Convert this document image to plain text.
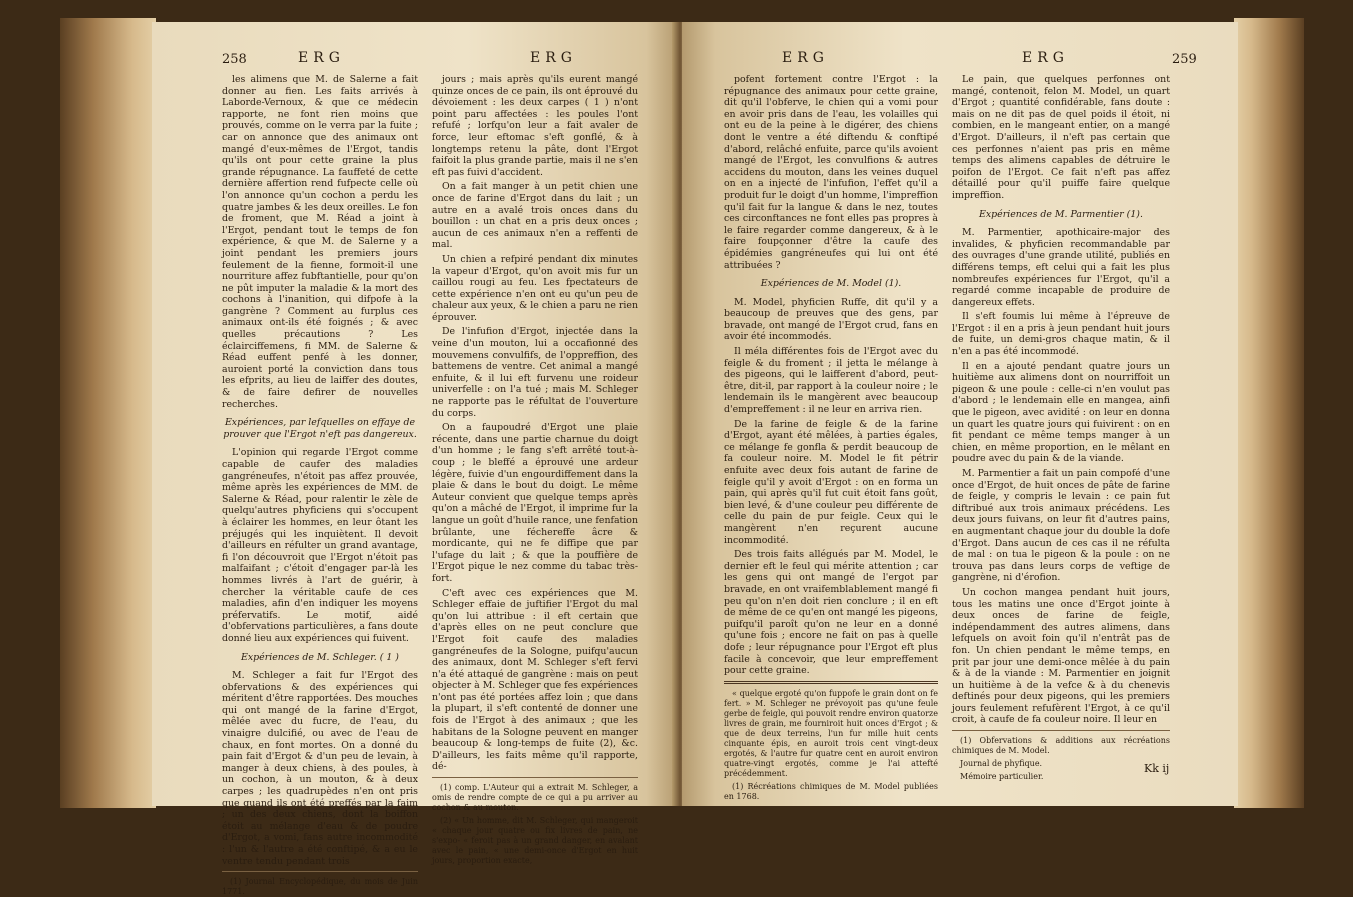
258	ERG	ERG

les alimens que M. de Salerne a fait donner au fien. Les faits arrivés à Laborde-Vernoux, & que ce médecin rapporte, ne font rien moins que prouvés, comme on le verra par la fuite ; car on annonce que des animaux ont mangé d'eux-mêmes de l'Ergot, tandis qu'ils ont pour cette graine la plus grande répugnance. La fauffeté de cette dernière affertion rend fufpecte celle où l'on annonce qu'un cochon a perdu les quatre jambes & les deux oreilles. Le fon de froment, que M. Réad a joint à l'Ergot, pendant tout le temps de fon expérience, & que M. de Salerne y a joint pendant les premiers jours feulement de la fienne, formoit-il une nourriture affez fubftantielle, pour qu'on ne pût imputer la maladie & la mort des cochons à l'inanition, qui difpofe à la gangrène ? Comment au furplus ces animaux ont-ils été foignés ; & avec quelles précautions ? Les éclairciffemens, fi MM. de Salerne & Réad euffent penfé à les donner, auroient porté la conviction dans tous les efprits, au lieu de laiffer des doutes, & de faire defirer de nouvelles recherches.

Expériences, par lefquelles on effaye de prouver que l'Ergot n'eft pas dangereux.

L'opinion qui regarde l'Ergot comme capable de caufer des maladies gangréneufes, n'étoit pas affez prouvée, même après les expériences de MM. de Salerne & Réad, pour ralentir le zèle de quelqu'autres phyficiens qui s'occupent à éclairer les hommes, en leur ôtant les préjugés qui les inquiètent. Il devoit d'ailleurs en réfulter un grand avantage, fi l'on découvroit que l'Ergot n'étoit pas malfaifant ; c'étoit d'engager par-là les hommes livrés à l'art de guérir, à chercher la véritable caufe de ces maladies, afin d'en indiquer les moyens préfervatifs. Le motif, aidé d'obfervations particulières, a fans doute donné lieu aux expériences qui fuivent.

Expériences de M. Schleger. ( 1 )

M. Schleger a fait fur l'Ergot des obfervations & des expériences qui méritent d'être rapportées. Des mouches qui ont mangé de la farine d'Ergot, mêlée avec du fucre, de l'eau, du vinaigre dulcifié, ou avec de l'eau de chaux, en font mortes. On a donné du pain fait d'Ergot & d'un peu de levain, à manger à deux chiens, à des poules, à un cochon, à un mouton, & à deux carpes ; les quadrupèdes n'en ont pris que quand ils ont été preffés par la faim ; un des deux chiens, dont la boiffon étoit au mélange d'eau & de poudre d'Ergot, a vomi, fans autre incommodité : l'un & l'autre a été conftipé, & a eu le ventre tendu pendant trois

(1) Journal Encyclopédique, du mois de Juin 1771.

jours ; mais après qu'ils eurent mangé quinze onces de ce pain, ils ont éprouvé du dévoiement : les deux carpes ( 1 ) n'ont point paru affectées : les poules l'ont refufé ; lorfqu'on leur a fait avaler de force, leur eftomac s'eft gonflé, & à longtemps retenu la pâte, dont l'Ergot faifoit la plus grande partie, mais il ne s'en eft pas fuivi d'accident.

On a fait manger à un petit chien une once de farine d'Ergot dans du lait ; un autre en a avalé trois onces dans du bouillon : un chat en a pris deux onces ; aucun de ces animaux n'en a reffenti de mal.

Un chien a refpiré pendant dix minutes la vapeur d'Ergot, qu'on avoit mis fur un caillou rougi au feu. Les fpectateurs de cette expérience n'en ont eu qu'un peu de chaleur aux yeux, & le chien a paru ne rien éprouver.

De l'infufion d'Ergot, injectée dans la veine d'un mouton, lui a occafionné des mouvemens convulfifs, de l'oppreffion, des battemens de ventre. Cet animal a mangé enfuite, & il lui eft furvenu une roideur univerfelle : on l'a tué ; mais M. Schleger ne rapporte pas le réfultat de l'ouverture du corps.

On a faupoudré d'Ergot une plaie récente, dans une partie charnue du doigt d'un homme ; le fang s'eft arrêté tout-à-coup ; le bleffé a éprouvé une ardeur légère, fuivie d'un engourdiffement dans la plaie & dans le bout du doigt. Le même Auteur convient que quelque temps après qu'on a mâché de l'Ergot, il imprime fur la langue un goût d'huile rance, une fenfation brûlante, une féchereffe âcre & mordicante, qui ne fe diffipe que par l'ufage du lait ; & que la pouffière de l'Ergot pique le nez comme du tabac très-fort.

C'eft avec ces expériences que M. Schleger effaie de juftifier l'Ergot du mal qu'on lui attribue : il eft certain que d'après elles on ne peut conclure que l'Ergot foit caufe des maladies gangréneufes de la Sologne, puifqu'aucun des animaux, dont M. Schleger s'eft fervi n'a été attaqué de gangrène : mais on peut objecter à M. Schleger que fes expériences n'ont pas été portées affez loin ; que dans la plupart, il s'eft contenté de donner une fois de l'Ergot à des animaux ; que les habitans de la Sologne peuvent en manger beaucoup & long-temps de fuite (2), &c. D'ailleurs, les faits même qu'il rapporte, dé-

(1) comp. L'Auteur qui a extrait M. Schleger, a omis de rendre compte de ce qui a pu arriver au cochon & au mouton.

(2) « Un homme, dit M. Schleger, qui mangeroit « chaque jour quatre ou fix livres de pain, ne s'expo- « feroit pas à un grand danger, en avalant avec le pain, « une demi-once d'Ergot en huit jours, proportion exacte,

ERG	ERG	259

pofent fortement contre l'Ergot : la répugnance des animaux pour cette graine, dit qu'il l'obferve, le chien qui a vomi pour en avoir pris dans de l'eau, les volailles qui ont eu de la peine à le digérer, des chiens dont le ventre a été diftendu & conftipé d'abord, relâché enfuite, parce qu'ils avoient mangé de l'Ergot, les convulfions & autres accidens du mouton, dans les veines duquel on en a injecté de l'infufion, l'effet qu'il a produit fur le doigt d'un homme, l'impreffion qu'il fait fur la langue & dans le nez, toutes ces circonftances ne font elles pas propres à le faire regarder comme dangereux, & à le faire foupçonner d'être la caufe des épidémies gangréneufes qui lui ont été attribuées ?

Expériences de M. Model (1).

M. Model, phyficien Ruffe, dit qu'il y a beaucoup de preuves que des gens, par bravade, ont mangé de l'Ergot crud, fans en avoir été incommodés.

Il méla différentes fois de l'Ergot avec du feigle & du froment ; il jetta le mélange à des pigeons, qui le laifferent d'abord, peut-être, dit-il, par rapport à la couleur noire ; le lendemain ils le mangèrent avec beaucoup d'empreffement : il ne leur en arriva rien.

De la farine de feigle & de la farine d'Ergot, ayant été mêlées, à parties égales, ce mélange fe gonfla & perdit beaucoup de fa couleur noire. M. Model le fit pétrir enfuite avec deux fois autant de farine de feigle qu'il y avoit d'Ergot : on en forma un pain, qui après qu'il fut cuit étoit fans goût, bien levé, & d'une couleur peu différente de celle du pain de pur feigle. Ceux qui le mangèrent n'en reçurent aucune incommodité.

Des trois faits allégués par M. Model, le dernier eft le feul qui mérite attention ; car les gens qui ont mangé de l'ergot par bravade, en ont vraifemblablement mangé fi peu qu'on n'en doit rien conclure ; il en eft de même de ce qu'en ont mangé les pigeons, puifqu'il paroît qu'on ne leur en a donné qu'une fois ; encore ne fait on pas à quelle dofe ; leur répugnance pour l'Ergot eft plus facile à concevoir, que leur empreffement pour cette graine.

« quelque ergoté qu'on fuppofe le grain dont on fe fert. » M. Schleger ne prévoyoit pas qu'une feule gerbe de feigle, qui pouvoit rendre environ quatorze livres de grain, me fourniroit huit onces d'Ergot ; & que de deux terreins, l'un fur mille huit cents cinquante épis, en auroit trois cent vingt-deux ergotés, & l'autre fur quatre cent en auroit environ quatre-vingt ergotés, comme je l'ai attefté précédemment.

(1) Récréations chimiques de M. Model publiées en 1768.

Le pain, que quelques perfonnes ont mangé, contenoit, felon M. Model, un quart d'Ergot ; quantité confidérable, fans doute : mais on ne dit pas de quel poids il étoit, ni combien, en le mangeant entier, on a mangé d'Ergot. D'ailleurs, il n'eft pas certain que ces perfonnes n'aient pas pris en même temps des alimens capables de détruire le poifon de l'Ergot. Ce fait n'eft pas affez détaillé pour qu'il puiffe faire quelque impreffion.

Expériences de M. Parmentier (1).

M. Parmentier, apothicaire-major des invalides, & phyficien recommandable par des ouvrages d'une grande utilité, publiés en différens temps, eft celui qui a fait les plus nombreufes expériences fur l'Ergot, qu'il a regardé comme incapable de produire de dangereux effets.

Il s'eft foumis lui même à l'épreuve de l'Ergot : il en a pris à jeun pendant huit jours de fuite, un demi-gros chaque matin, & il n'en a pas été incommodé.

Il en a ajouté pendant quatre jours un huitième aux alimens dont on nourriffoit un pigeon & une poule : celle-ci n'en voulut pas d'abord ; le lendemain elle en mangea, ainfi que le pigeon, avec avidité : on leur en donna un quart les quatre jours qui fuivirent : on en fit pendant ce même temps manger à un chien, en même proportion, en le mêlant en poudre avec du pain & de la viande.

M. Parmentier a fait un pain compofé d'une once d'Ergot, de huit onces de pâte de farine de feigle, y compris le levain : ce pain fut diftribué aux trois animaux précédens. Les deux jours fuivans, on leur fit d'autres pains, en augmentant chaque jour du double la dofe d'Ergot. Dans aucun de ces cas il ne réfulta de mal : on tua le pigeon & la poule : on ne trouva pas dans leurs corps de veftige de gangrène, ni d'érofion.

Un cochon mangea pendant huit jours, tous les matins une once d'Ergot jointe à deux onces de farine de feigle, indépendamment des autres alimens, dans lefquels on avoit foin qu'il n'entrât pas de fon. Un chien pendant le même temps, en prit par jour une demi-once mêlée à du pain & à de la viande : M. Parmentier en joignit un huitième à de la vefce & à du chenevis deftinés pour deux pigeons, qui les premiers jours feulement refufèrent l'Ergot, à ce qu'il croit, à caufe de fa couleur noire. Il leur en

(1) Obfervations & additions aux récréations chimiques de M. Model.

Journal de phyfique.

Mémoire particulier.

Kk ij
